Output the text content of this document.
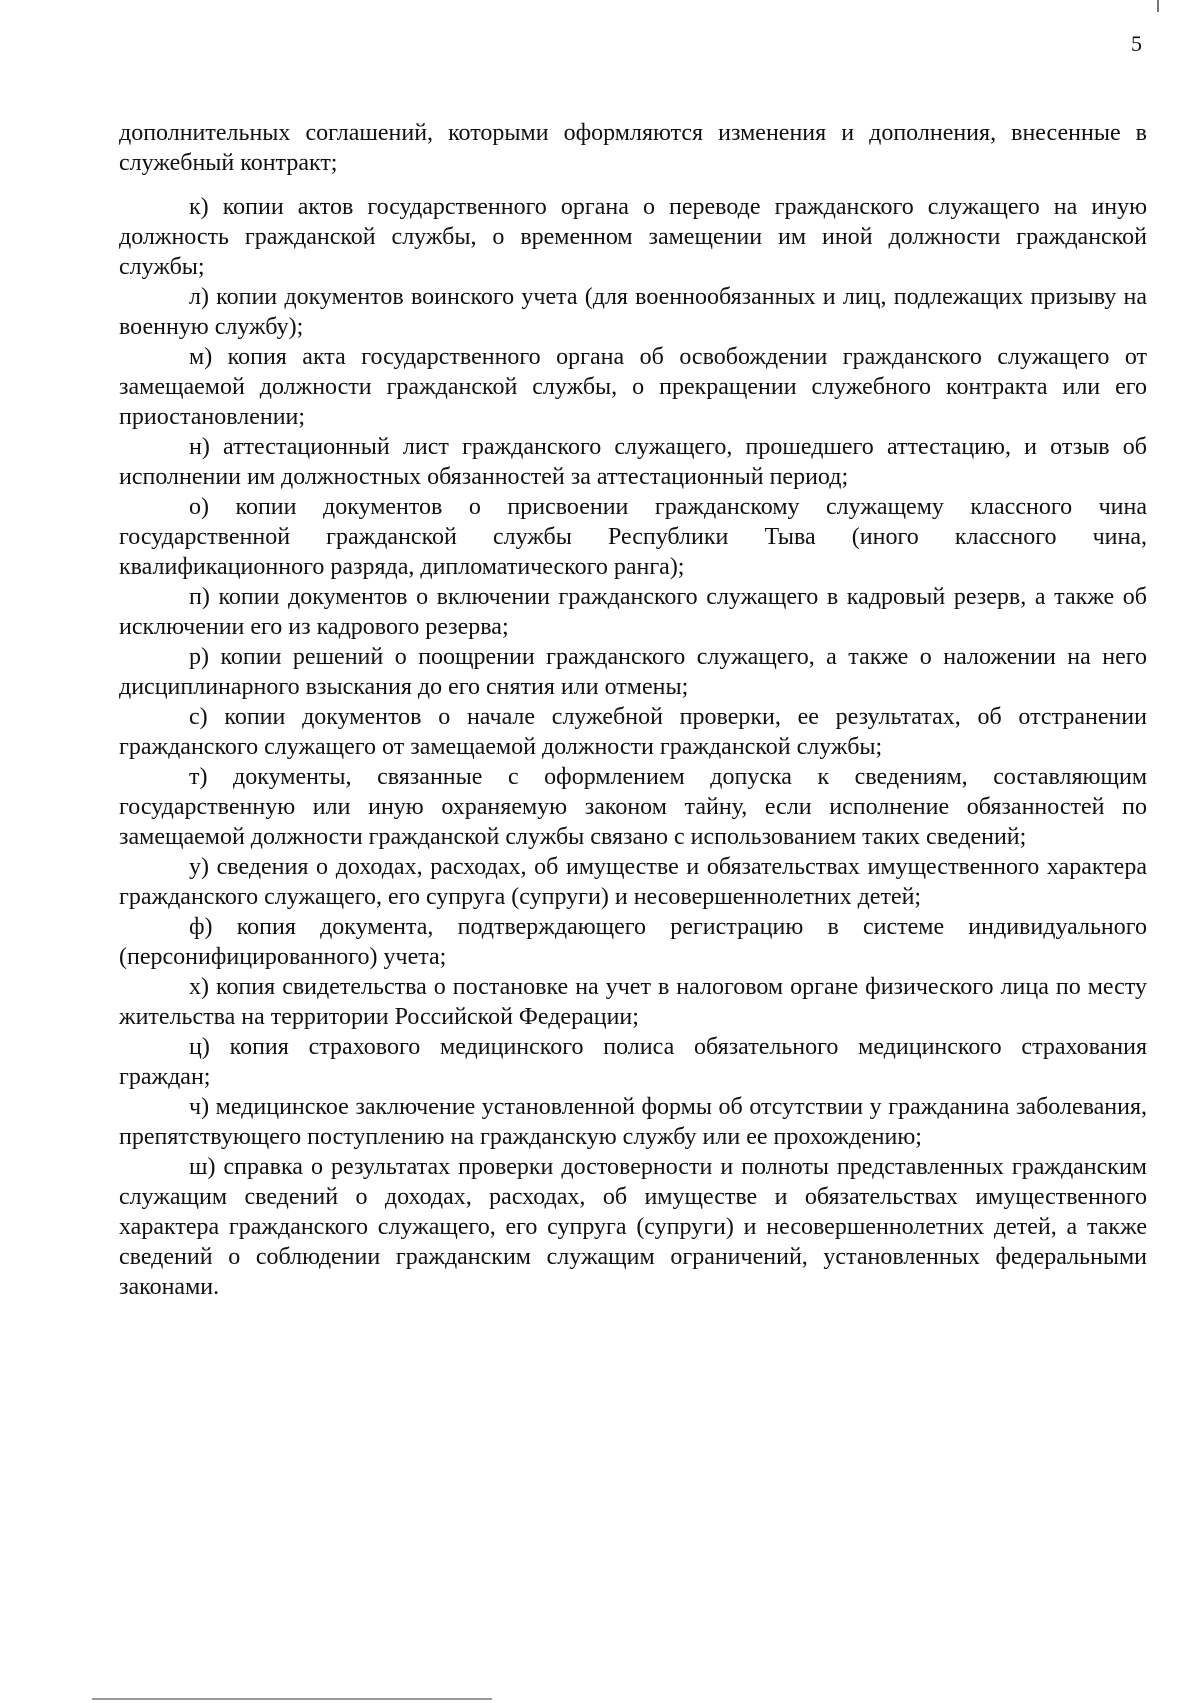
5

дополнительных соглашений, которыми оформляются изменения и дополнения, внесенные в служебный контракт;

к) копии актов государственного органа о переводе гражданского служащего на иную должность гражданской службы, о временном замещении им иной должности гражданской службы;

л) копии документов воинского учета (для военнообязанных и лиц, подлежащих призыву на военную службу);

м) копия акта государственного органа об освобождении гражданского служащего от замещаемой должности гражданской службы, о прекращении служебного контракта или его приостановлении;

н) аттестационный лист гражданского служащего, прошедшего аттестацию, и отзыв об исполнении им должностных обязанностей за аттестационный период;

о) копии документов о присвоении гражданскому служащему классного чина государственной гражданской службы Республики Тыва (иного классного чина, квалификационного разряда, дипломатического ранга);

п) копии документов о включении гражданского служащего в кадровый резерв, а также об исключении его из кадрового резерва;

р) копии решений о поощрении гражданского служащего, а также о наложении на него дисциплинарного взыскания до его снятия или отмены;

с) копии документов о начале служебной проверки, ее результатах, об отстранении гражданского служащего от замещаемой должности гражданской службы;

т) документы, связанные с оформлением допуска к сведениям, составляющим государственную или иную охраняемую законом тайну, если исполнение обязанностей по замещаемой должности гражданской службы связано с использованием таких сведений;

у) сведения о доходах, расходах, об имуществе и обязательствах имущественного характера гражданского служащего, его супруга (супруги) и несовершеннолетних детей;

ф) копия документа, подтверждающего регистрацию в системе индивидуального (персонифицированного) учета;

х) копия свидетельства о постановке на учет в налоговом органе физического лица по месту жительства на территории Российской Федерации;

ц) копия страхового медицинского полиса обязательного медицинского страхования граждан;

ч) медицинское заключение установленной формы об отсутствии у гражданина заболевания, препятствующего поступлению на гражданскую службу или ее прохождению;

ш) справка о результатах проверки достоверности и полноты представленных гражданским служащим сведений о доходах, расходах, об имуществе и обязательствах имущественного характера гражданского служащего, его супруга (супруги) и несовершеннолетних детей, а также сведений о соблюдении гражданским служащим ограничений, установленных федеральными законами.
